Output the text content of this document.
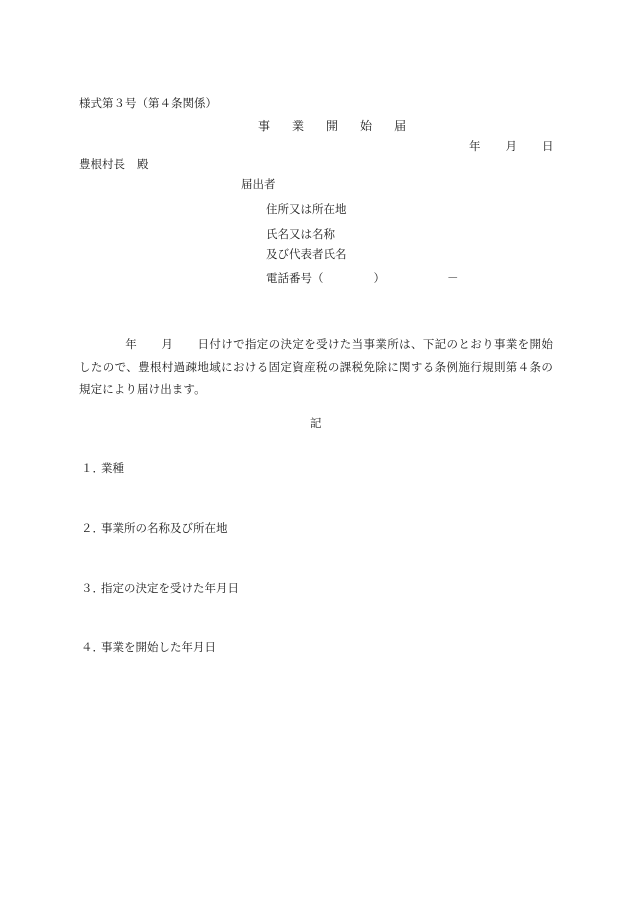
様式第３号（第４条関係）
事 業 開 始 届
年 月 日
豊根村長 殿
届出者
住所又は所在地
氏名又は名称
及び代表者氏名
電話番号（	）	－
年 月 日付けで指定の決定を受けた当事業所は、下記のとおり事業を開始したので、豊根村過疎地域における固定資産税の課税免除に関する条例施行規則第４条の規定により届け出ます。
記
１．業種
２．事業所の名称及び所在地
３．指定の決定を受けた年月日
４．事業を開始した年月日
